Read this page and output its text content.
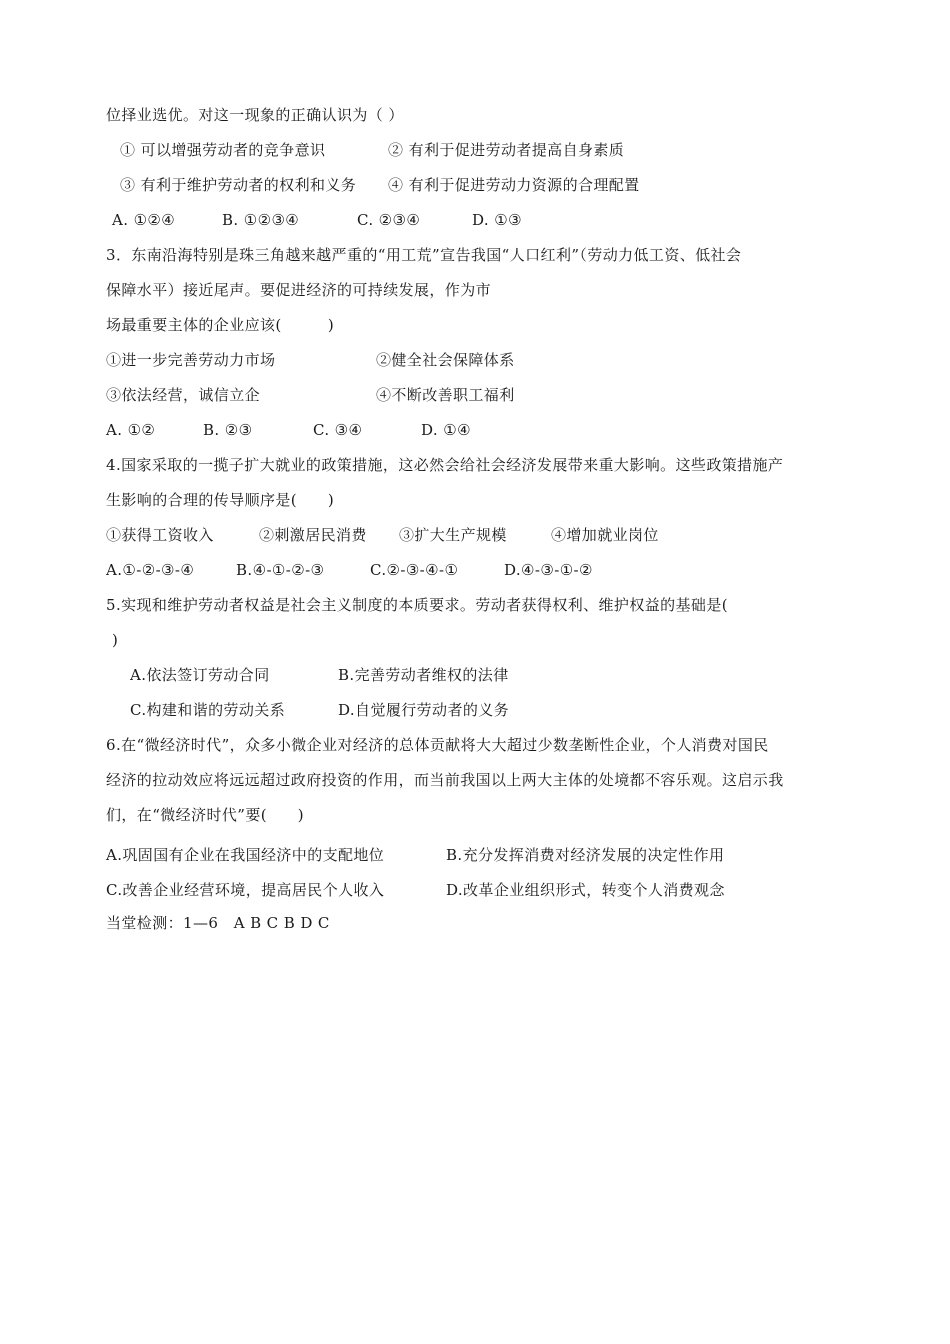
位择业选优。对这一现象的正确认识为（ ）
① 可以增强劳动者的竞争意识	② 有利于促进劳动者提高自身素质
③ 有利于维护劳动者的权利和义务 ④ 有利于促进劳动力资源的合理配置
A. ①②④	B. ①②③④	C. ②③④	D. ①③
3．东南沿海特别是珠三角越来越严重的“用工荒”宣告我国“人口红利”（劳动力低工资、低社会
保障水平）接近尾声。要促进经济的可持续发展，作为市
场最重要主体的企业应该(　　　)
①进一步完善劳动力市场	②健全社会保障体系
③依法经营，诚信立企	④不断改善职工福利
A. ①②	B. ②③	C. ③④	D. ①④
4.国家采取的一揽子扩大就业的政策措施，这必然会给社会经济发展带来重大影响。这些政策措施产
生影响的合理的传导顺序是(　　)
①获得工资收入	②刺激居民消费 ③扩大生产规模	④增加就业岗位
A.①-②-③-④	B.④-①-②-③	C.②-③-④-①	D.④-③-①-②
5.实现和维护劳动者权益是社会主义制度的本质要求。劳动者获得权利、维护权益的基础是(
)
A.依法签订劳动合同	B.完善劳动者维权的法律
C.构建和谐的劳动关系	D.自觉履行劳动者的义务
6.在“微经济时代”，众多小微企业对经济的总体贡献将大大超过少数垄断性企业，个人消费对国民
经济的拉动效应将远远超过政府投资的作用，而当前我国以上两大主体的处境都不容乐观。这启示我
们，在“微经济时代”要(　　)
A.巩固国有企业在我国经济中的支配地位	B.充分发挥消费对经济发展的决定性作用
C.改善企业经营环境，提高居民个人收入	D.改革企业组织形式，转变个人消费观念
当堂检测：1—6　A B C B D C
